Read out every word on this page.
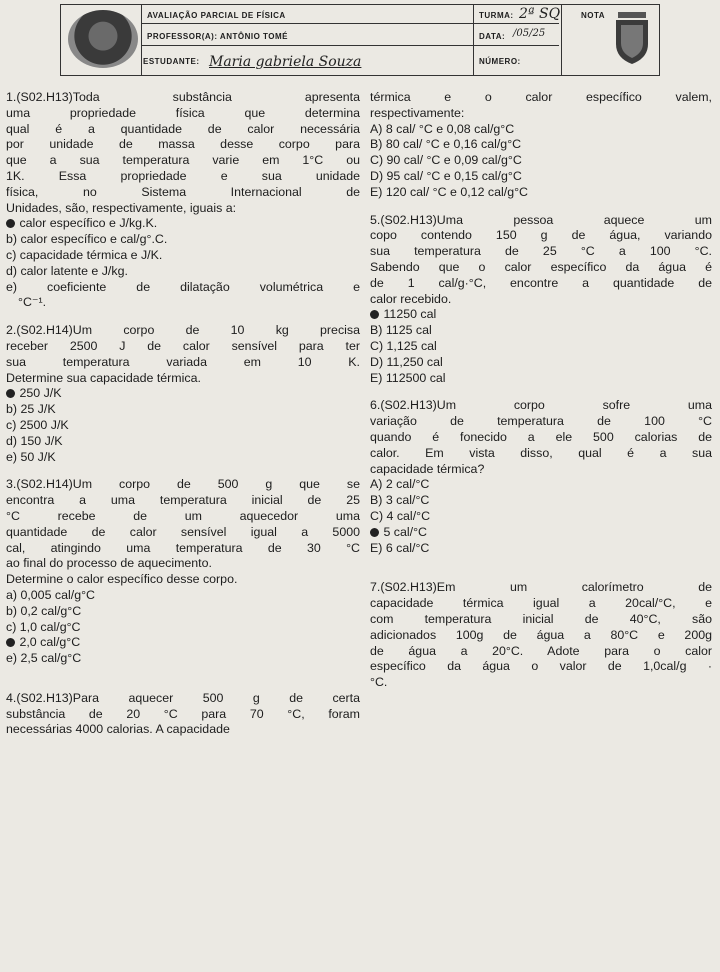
AVALIAÇÃO PARCIAL DE FÍSICA
PROFESSOR(A): ANTÔNIO TOMÉ
ESTUDANTE: Maria gabriela Souza
TURMA: 2ª SQ
DATA: /05/25
NÚMERO:
NOTA

1.(S02.H13)Toda substância apresenta

uma propriedade física que determina

qual é a quantidade de calor necessária

por unidade de massa desse corpo para

que a sua temperatura varie em 1°C ou

1K. Essa propriedade e sua unidade

física, no Sistema Internacional de

Unidades, são, respectivamente, iguais a:

calor específico e J/kg.K.

b) calor específico e cal/g°.C.

c) capacidade térmica e J/K.

d) calor latente e J/kg.

e) coeficiente de dilatação volumétrica e

°C⁻¹.

2.(S02.H14)Um corpo de 10 kg precisa

receber 2500 J de calor sensível para ter

sua temperatura variada em 10 K.

Determine sua capacidade térmica.

250 J/K

b) 25 J/K

c) 2500 J/K

d) 150 J/K

e) 50 J/K

3.(S02.H14)Um corpo de 500 g que se

encontra a uma temperatura inicial de 25

°C recebe de um aquecedor uma

quantidade de calor sensível igual a 5000

cal, atingindo uma temperatura de 30 °C

ao final do processo de aquecimento.

Determine o calor específico desse corpo.

a) 0,005 cal/g°C

b) 0,2 cal/g°C

c) 1,0 cal/g°C

2,0 cal/g°C

e) 2,5 cal/g°C

4.(S02.H13)Para aquecer 500 g de certa

substância de 20 °C para 70 °C, foram

necessárias 4000 calorias. A capacidade

térmica e o calor específico valem,

respectivamente:

A) 8 cal/ °C e 0,08 cal/g°C

B) 80 cal/ °C e 0,16 cal/g°C

C) 90 cal/ °C e 0,09 cal/g°C

D) 95 cal/ °C e 0,15 cal/g°C

E) 120 cal/ °C e 0,12 cal/g°C

5.(S02.H13)Uma pessoa aquece um

copo contendo 150 g de água, variando

sua temperatura de 25 °C a 100 °C.

Sabendo que o calor específico da água é

de 1 cal/g·°C, encontre a quantidade de

calor recebido.

11250 cal

B) 1125 cal

C) 1,125 cal

D) 11,250 cal

E) 112500 cal

6.(S02.H13)Um corpo sofre uma

variação de temperatura de 100 °C

quando é fonecido a ele 500 calorias de

calor. Em vista disso, qual é a sua

capacidade térmica?

A) 2 cal/°C

B) 3 cal/°C

C) 4 cal/°C

5 cal/°C

E) 6 cal/°C

7.(S02.H13)Em um calorímetro de

capacidade térmica igual a 20cal/°C, e

com temperatura inicial de 40°C, são

adicionados 100g de água a 80°C e 200g

de água a 20°C. Adote para o calor

específico da água o valor de 1,0cal/g ·

°C.
